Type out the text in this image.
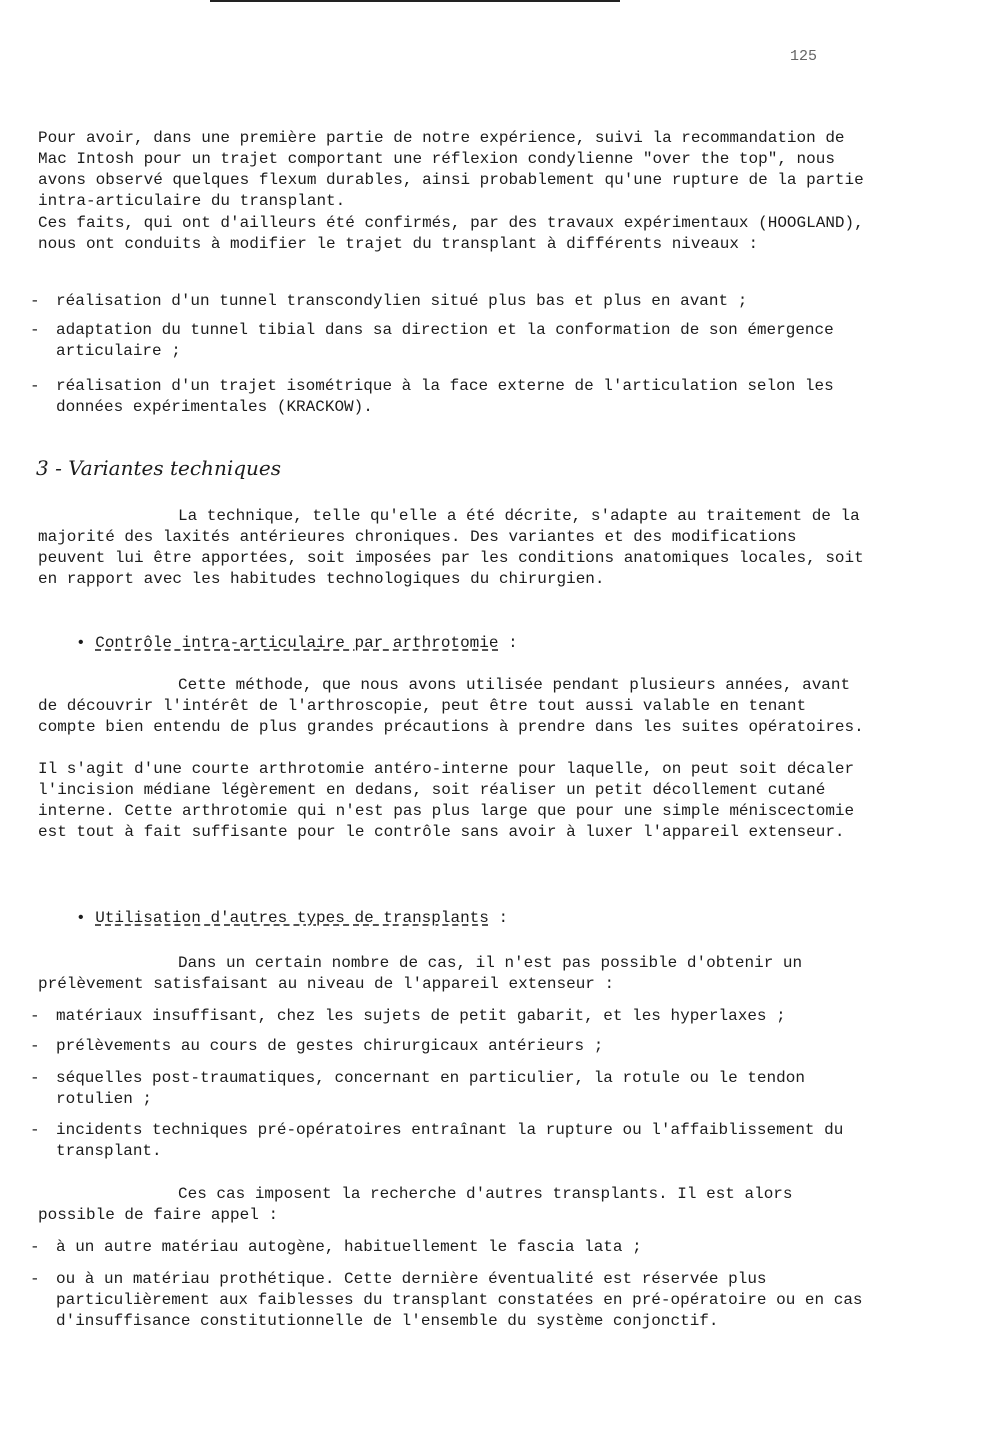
125

Pour avoir, dans une première partie de notre expérience, suivi la recommandation de Mac Intosh pour un trajet comportant une réflexion condylienne "over the top", nous avons observé quelques flexum durables, ainsi probablement qu'une rupture de la partie intra-articulaire du transplant.

Ces faits, qui ont d'ailleurs été confirmés, par des travaux expérimentaux (HOOGLAND), nous ont conduits à modifier le trajet du transplant à différents niveaux :

-	réalisation d'un tunnel transcondylien situé plus bas et plus en avant ;
-	adaptation du tunnel tibial dans sa direction et la conformation de son émergence articulaire ;
-	réalisation d'un trajet isométrique à la face externe de l'articulation selon les données expérimentales (KRACKOW).
3 - Variantes techniques

La technique, telle qu'elle a été décrite, s'adapte au traitement de la majorité des laxités antérieures chroniques. Des variantes et des modifications peuvent lui être apportées, soit imposées par les conditions anatomiques locales, soit en rapport avec les habitudes technologiques du chirurgien.

• Contrôle intra-articulaire par arthrotomie :

Cette méthode, que nous avons utilisée pendant plusieurs années, avant de découvrir l'intérêt de l'arthroscopie, peut être tout aussi valable en tenant compte bien entendu de plus grandes précautions à prendre dans les suites opératoires.

Il s'agit d'une courte arthrotomie antéro-interne pour laquelle, on peut soit décaler l'incision médiane légèrement en dedans, soit réaliser un petit décollement cutané interne. Cette arthrotomie qui n'est pas plus large que pour une simple méniscectomie est tout à fait suffisante pour le contrôle sans avoir à luxer l'appareil extenseur.

• Utilisation d'autres types de transplants :

Dans un certain nombre de cas, il n'est pas possible d'obtenir un prélèvement satisfaisant au niveau de l'appareil extenseur :

-	matériaux insuffisant, chez les sujets de petit gabarit, et les hyperlaxes ;
-	prélèvements au cours de gestes chirurgicaux antérieurs ;
-	séquelles post-traumatiques, concernant en particulier, la rotule ou le tendon rotulien ;
-	incidents techniques pré-opératoires entraînant la rupture ou l'affaiblissement du transplant.

Ces cas imposent la recherche d'autres transplants. Il est alors possible de faire appel :

-	à un autre matériau autogène, habituellement le fascia lata ;
-	ou à un matériau prothétique. Cette dernière éventualité est réservée plus particulièrement aux faiblesses du transplant constatées en pré-opératoire ou en cas d'insuffisance constitutionnelle de l'ensemble du système conjonctif.
